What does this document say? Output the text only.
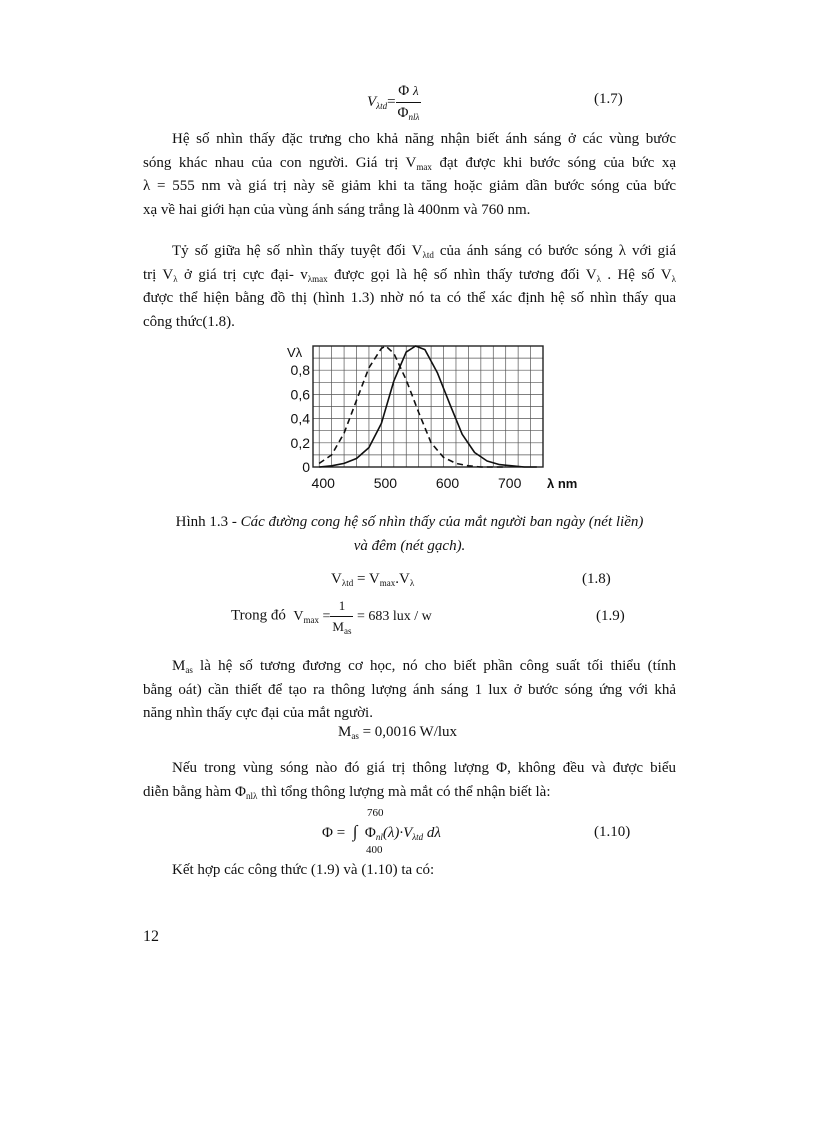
$V_{\lambda td}= \frac{\text{Φ λ}}{\Phi_{nl\lambda}}$	(1.7)
Hệ số nhìn thấy đặc trưng cho khả năng nhận biết ánh sáng ở các vùng bước
sóng khác nhau của con người. Giá trị $V_{max}$ đạt được khi bước sóng của bức xạ
λ = 555 nm và giá trị này sẽ giảm khi ta tăng hoặc giảm dần bước sóng của bức
xạ về hai giới hạn của vùng ánh sáng trắng là 400nm và 760 nm.
Tỷ số giữa hệ số nhìn thấy tuyệt đối $V_{\lambda td}$ của ánh sáng có bước sóng λ với giá
trị $V_\lambda$ ở giá trị cực đại- $v_{\lambda max}$ được gọi là hệ số nhìn thấy tương đối $V_\lambda$ . Hệ số $V_\lambda$
được thể hiện bằng đồ thị (hình 1.3) nhờ nó ta có thể xác định hệ số nhìn thấy qua
công thức(1.8).
0
0,2
0,4
0,6
0,8
400	500	600	700 λ nm
Vλ
Hình 1.3 - Các đường cong hệ số nhìn thấy của mắt người ban ngày (nét liền)
và đêm (nét gạch).
$V_{\lambda td} = V_{max}.V_\lambda$	(1.8)
Trong đó $V_{max} = \frac{1}{M_{as}} = 683$ lux / w	(1.9)
$M_{as}$ là hệ số tương đương cơ học, nó cho biết phần công suất tối thiểu (tính
bằng oát) cần thiết để tạo ra thông lượng ánh sáng 1 lux ở bước sóng ứng với khả
năng nhìn thấy cực đại của mắt người.
$M_{as} = 0,0016$ W/lux
Nếu trong vùng sóng nào đó giá trị thông lượng Φ, không đều và được biểu
diễn bằng hàm $\Phi_{nl\lambda}$ thì tổng thông lượng mà mắt có thể nhận biết là:
760
Φ = ∫ $\Phi_{nl}(\lambda)\cdot V_{\lambda td}$ dλ
400
(1.10)
Kết hợp các công thức (1.9) và (1.10) ta có:
12
